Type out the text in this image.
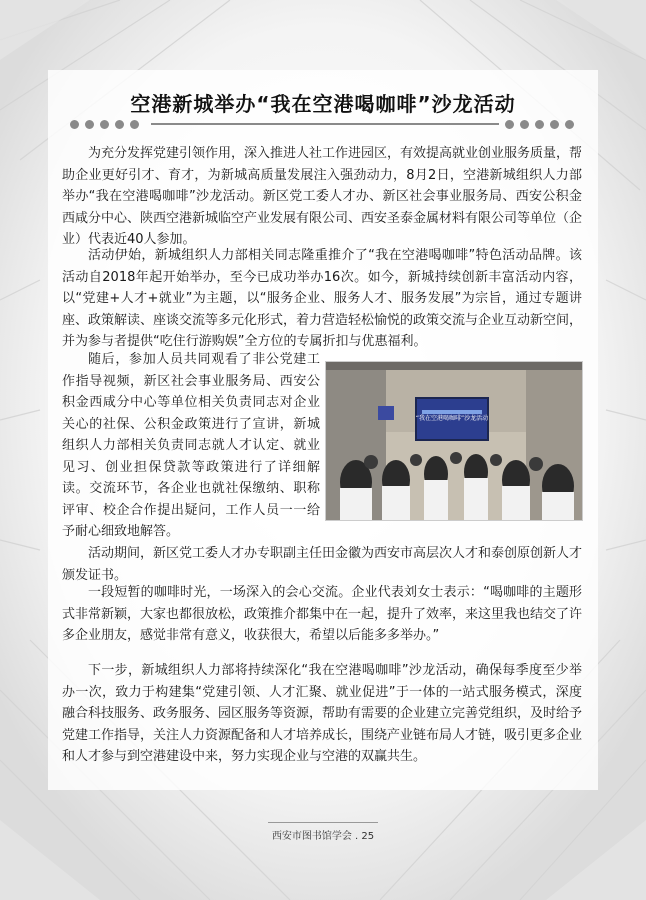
空港新城举办“我在空港喝咖啡”沙龙活动

为充分发挥党建引领作用，深入推进人社工作进园区，有效提高就业创业服务质量，帮助企业更好引才、育才，为新城高质量发展注入强劲动力，8月2日，空港新城组织人力部举办“我在空港喝咖啡”沙龙活动。新区党工委人才办、新区社会事业服务局、西安公积金西咸分中心、陕西空港新城临空产业发展有限公司、西安圣泰金属材料有限公司等单位（企业）代表近40人参加。

活动伊始，新城组织人力部相关同志隆重推介了“我在空港喝咖啡”特色活动品牌。该活动自2018年起开始举办，至今已成功举办16次。如今，新城持续创新丰富活动内容，以“党建+人才+就业”为主题，以“服务企业、服务人才、服务发展”为宗旨，通过专题讲座、政策解读、座谈交流等多元化形式，着力营造轻松愉悦的政策交流与企业互动新空间，并为参与者提供“吃住行游购娱”全方位的专属折扣与优惠福利。

随后，参加人员共同观看了非公党建工作指导视频，新区社会事业服务局、西安公积金西咸分中心等单位相关负责同志对企业关心的社保、公积金政策进行了宣讲，新城组织人力部相关负责同志就人才认定、就业见习、创业担保贷款等政策进行了详细解读。交流环节，各企业也就社保缴纳、职称评审、校企合作提出疑问，工作人员一一给予耐心细致地解答。

“我在空港喝咖啡”沙龙活动

活动期间，新区党工委人才办专职副主任田金徽为西安市高层次人才和泰创原创新人才颁发证书。

一段短暂的咖啡时光，一场深入的会心交流。企业代表刘女士表示：“喝咖啡的主题形式非常新颖，大家也都很放松，政策推介都集中在一起，提升了效率，来这里我也结交了许多企业朋友，感觉非常有意义，收获很大，希望以后能多多举办。”

下一步，新城组织人力部将持续深化“我在空港喝咖啡”沙龙活动，确保每季度至少举办一次，致力于构建集“党建引领、人才汇聚、就业促进”于一体的一站式服务模式，深度融合科技服务、政务服务、园区服务等资源，帮助有需要的企业建立完善党组织，及时给予党建工作指导，关注人力资源配备和人才培养成长，围绕产业链布局人才链，吸引更多企业和人才参与到空港建设中来，努力实现企业与空港的双赢共生。

西安市图书馆学会 . 25
